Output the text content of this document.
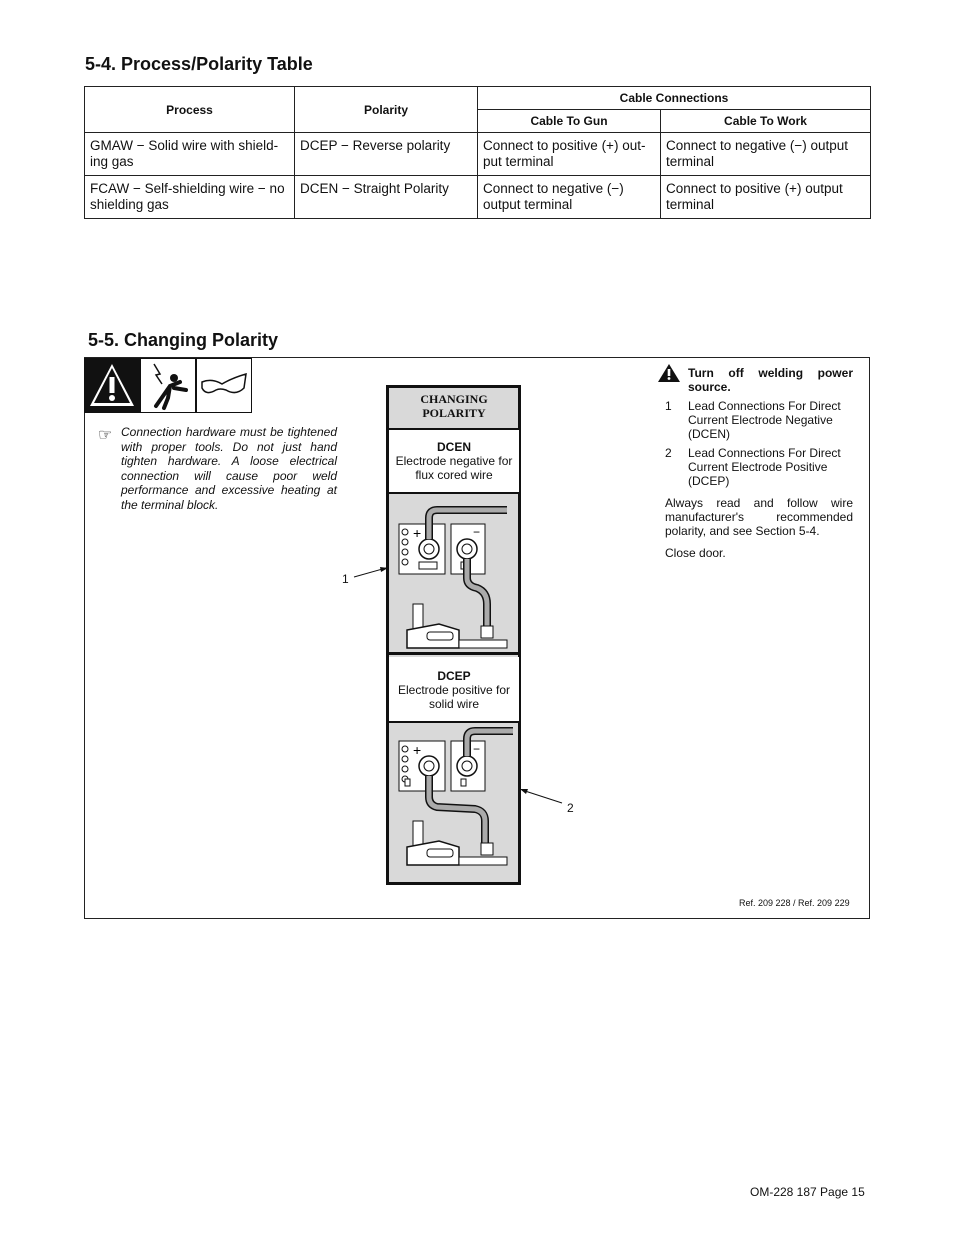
5-4. Process/Polarity Table
Process	Polarity	Cable Connections	
		Cable To Gun	Cable To Work
GMAW − Solid wire with shield-ing gas	DCEP − Reverse polarity	Connect to positive (+) out-put terminal	Connect to negative (−) output terminal
FCAW − Self-shielding wire − no shielding gas	DCEN − Straight Polarity	Connect to negative (−) output terminal	Connect to positive (+) output terminal
5-5. Changing Polarity
☞ Connection hardware must be tightened with proper tools. Do not just hand tighten hardware. A loose electrical connection will cause poor weld performance and excessive heating at the terminal block.
CHANGING
POLARITY
DCEN
Electrode negative for flux cored wire
DCEP
Electrode positive for solid wire
+	−
+	−
1
2
Turn off welding power source.
1 Lead Connections For Direct Current Electrode Negative (DCEN)
2 Lead Connections For Direct Current Electrode Positive (DCEP)
Always read and follow wire manufacturer's recommended polarity, and see Section 5-4.
Close door.
Ref. 209 228 / Ref. 209 229
OM-228 187 Page 15
